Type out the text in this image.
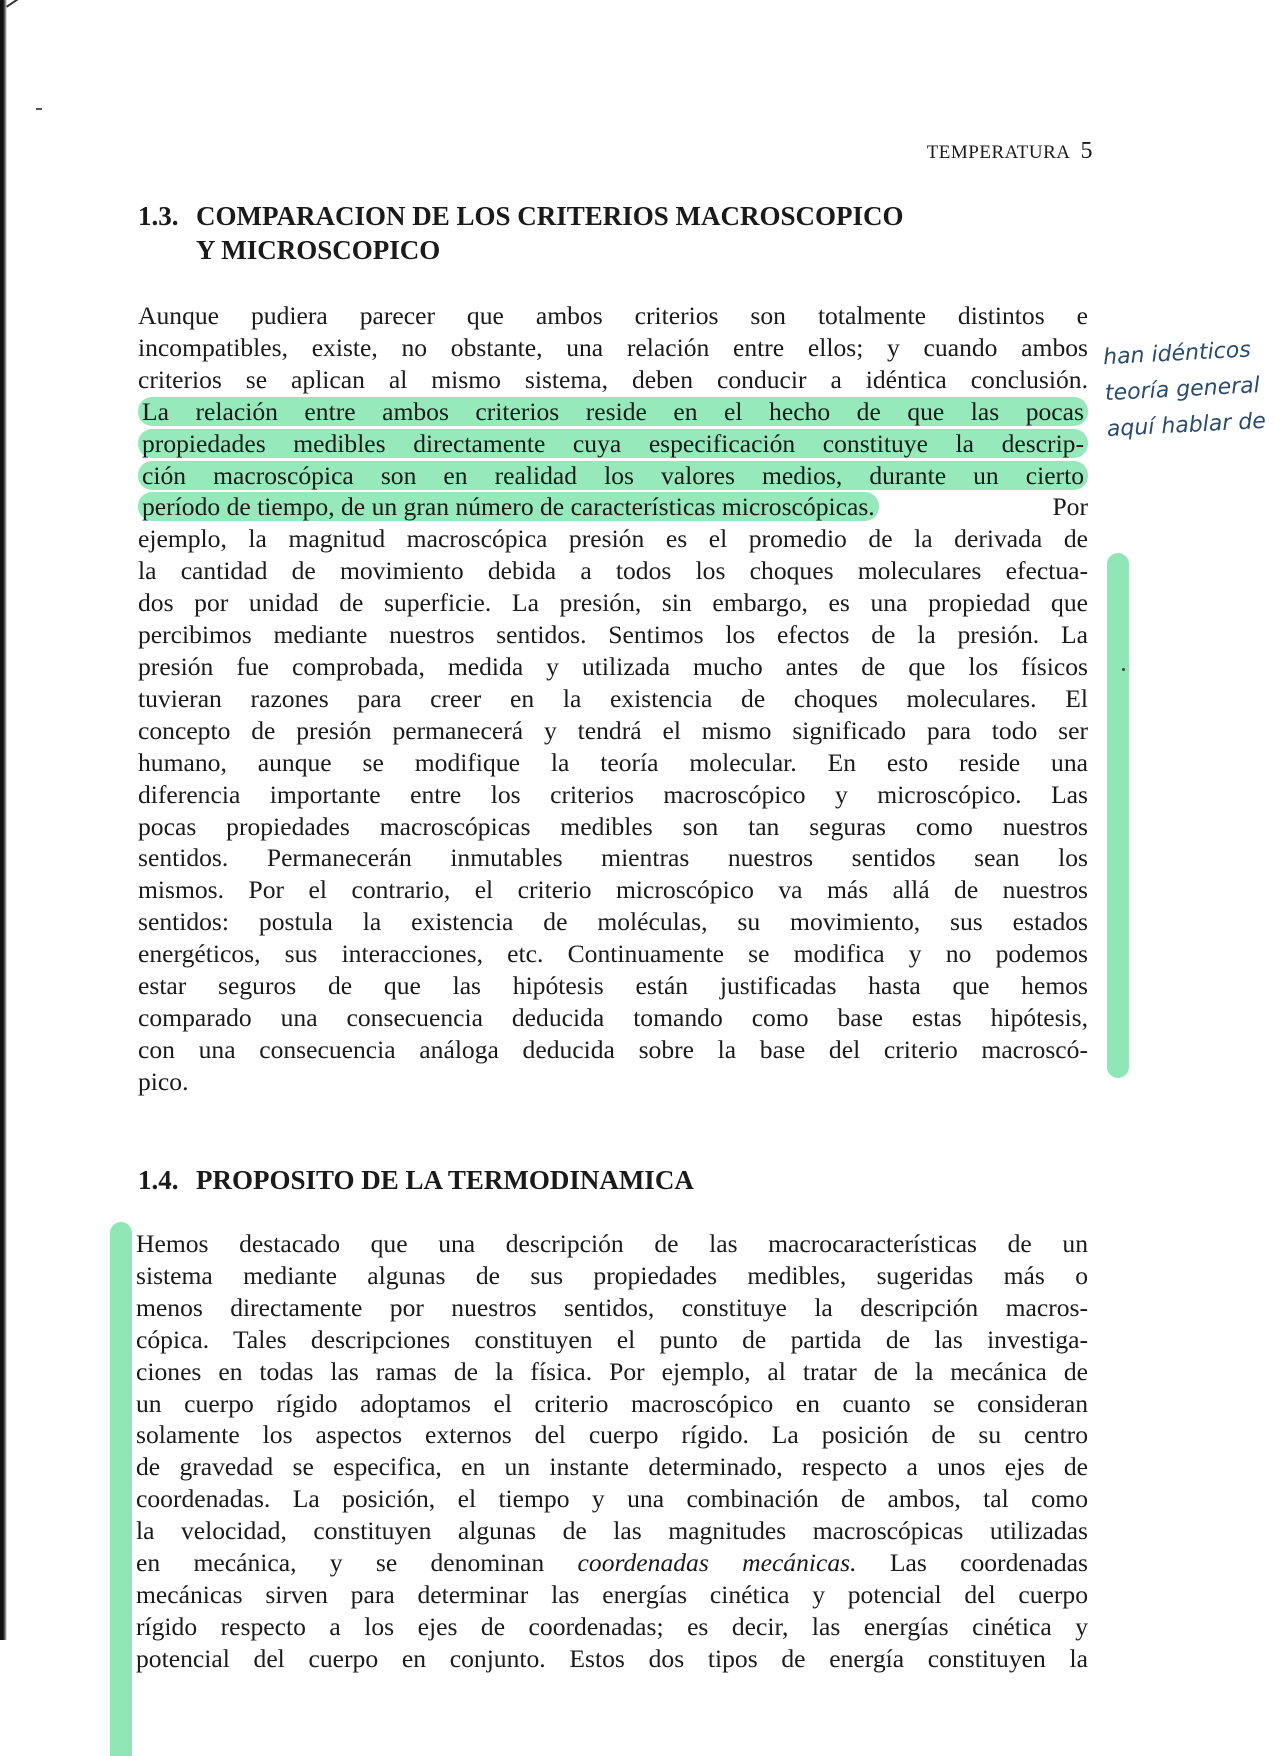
TEMPERATURA 5
1.3. COMPARACION DE LOS CRITERIOS MACROSCOPICO
Y MICROSCOPICO

Aunque pudiera parecer que ambos criterios son totalmente distintos e
incompatibles, existe, no obstante, una relación entre ellos; y cuando ambos
criterios se aplican al mismo sistema, deben conducir a idéntica conclusión.
La relación entre ambos criterios reside en el hecho de que las pocas
propiedades medibles directamente cuya especificación constituye la descrip-
ción macroscópica son en realidad los valores medios, durante un cierto
período de tiempo, de un gran número de características microscópicas.	Por
ejemplo, la magnitud macroscópica presión es el promedio de la derivada de
la cantidad de movimiento debida a todos los choques moleculares efectua-
dos por unidad de superficie. La presión, sin embargo, es una propiedad que
percibimos mediante nuestros sentidos. Sentimos los efectos de la presión. La
presión fue comprobada, medida y utilizada mucho antes de que los físicos
tuvieran razones para creer en la existencia de choques moleculares. El
concepto de presión permanecerá y tendrá el mismo significado para todo ser
humano, aunque se modifique la teoría molecular. En esto reside una
diferencia importante entre los criterios macroscópico y microscópico. Las
pocas propiedades macroscópicas medibles son tan seguras como nuestros
sentidos. Permanecerán inmutables mientras nuestros sentidos sean los
mismos. Por el contrario, el criterio microscópico va más allá de nuestros
sentidos: postula la existencia de moléculas, su movimiento, sus estados
energéticos, sus interacciones, etc. Continuamente se modifica y no podemos
estar seguros de que las hipótesis están justificadas hasta que hemos
comparado una consecuencia deducida tomando como base estas hipótesis,
con una consecuencia análoga deducida sobre la base del criterio macroscó-
pico.

han idénticos
teoría general
aquí hablar de
1.4. PROPOSITO DE LA TERMODINAMICA

Hemos destacado que una descripción de las macrocaracterísticas de un
sistema mediante algunas de sus propiedades medibles, sugeridas más o
menos directamente por nuestros sentidos, constituye la descripción macros-
cópica. Tales descripciones constituyen el punto de partida de las investiga-
ciones en todas las ramas de la física. Por ejemplo, al tratar de la mecánica de
un cuerpo rígido adoptamos el criterio macroscópico en cuanto se consideran
solamente los aspectos externos del cuerpo rígido. La posición de su centro
de gravedad se especifica, en un instante determinado, respecto a unos ejes de
coordenadas. La posición, el tiempo y una combinación de ambos, tal como
la velocidad, constituyen algunas de las magnitudes macroscópicas utilizadas
en mecánica, y se denominan coordenadas mecánicas. Las coordenadas
mecánicas sirven para determinar las energías cinética y potencial del cuerpo
rígido respecto a los ejes de coordenadas; es decir, las energías cinética y
potencial del cuerpo en conjunto. Estos dos tipos de energía constituyen la
